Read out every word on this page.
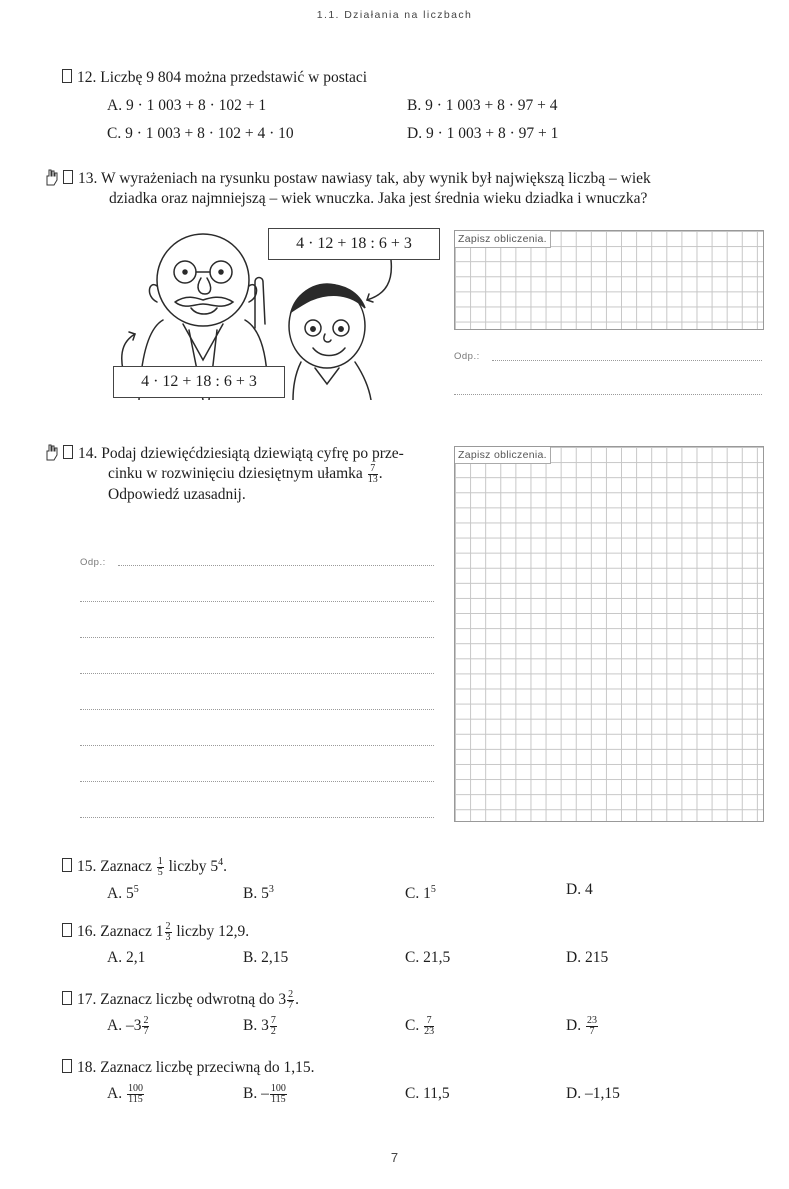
1.1. Działania na liczbach
12. Liczbę 9 804 można przedstawić w postaci
A. 9 · 1 003 + 8 · 102 + 1	B. 9 · 1 003 + 8 · 97 + 4
C. 9 · 1 003 + 8 · 102 + 4 · 10	D. 9 · 1 003 + 8 · 97 + 1
13. W wyrażeniach na rysunku postaw nawiasy tak, aby wynik był największą liczbą – wiek
dziadka oraz najmniejszą – wiek wnuczka. Jaka jest średnia wieku dziadka i wnuczka?
4 · 12 + 18 : 6 + 3
4 · 12 + 18 : 6 + 3
Zapisz obliczenia.
Odp.:
14. Podaj dziewięćdziesiątą dziewiątą cyfrę po prze-
cinku w rozwinięciu dziesiętnym ułamka $\frac{7}{13}$ .
Odpowiedź uzasadnij.
Odp.:
Zapisz obliczenia.
15. Zaznacz $\frac{1}{5}$ liczby $5^4$.
A. $5^5$	B. $5^3$	C. $1^5$	D. 4
16. Zaznacz $1 \frac{2}{3}$ liczby 12,9.
A. 2,1	B. 2,15	C. 21,5	D. 215
17. Zaznacz liczbę odwrotną do $3 \frac{2}{7}$ .
A. $-3 \frac{2}{7}$	B. $3 \frac{7}{2}$	C. $\frac{7}{23}$	D. $\frac{23}{7}$
18. Zaznacz liczbę przeciwną do 1,15.
A. $\frac{100}{115}$	B. – $\frac{100}{115}$	C. 11,5	D. –1,15
7
